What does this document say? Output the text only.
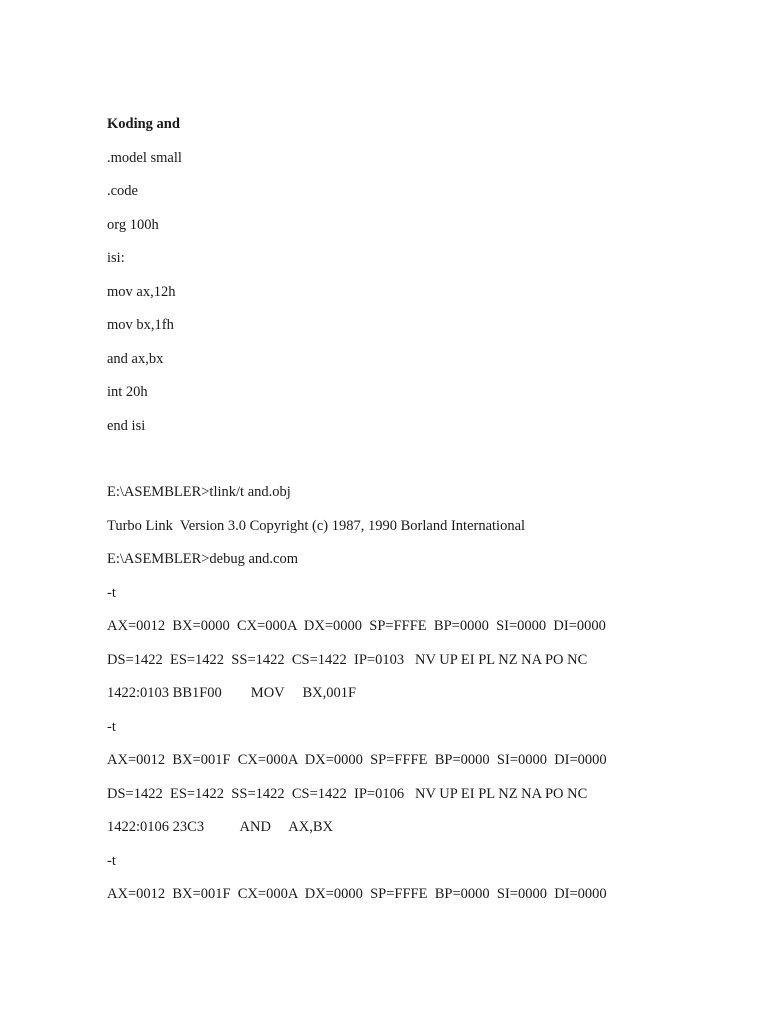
Koding and
.model small
.code
org 100h
isi:
mov ax,12h
mov bx,1fh
and ax,bx
int 20h
end isi
E:\ASEMBLER>tlink/t and.obj
Turbo Link  Version 3.0 Copyright (c) 1987, 1990 Borland International
E:\ASEMBLER>debug and.com
-t
AX=0012  BX=0000  CX=000A  DX=0000  SP=FFFE  BP=0000  SI=0000  DI=0000
DS=1422  ES=1422  SS=1422  CS=1422  IP=0103   NV UP EI PL NZ NA PO NC
1422:0103 BB1F00        MOV     BX,001F
-t
AX=0012  BX=001F  CX=000A  DX=0000  SP=FFFE  BP=0000  SI=0000  DI=0000
DS=1422  ES=1422  SS=1422  CS=1422  IP=0106   NV UP EI PL NZ NA PO NC
1422:0106 23C3          AND     AX,BX
-t
AX=0012  BX=001F  CX=000A  DX=0000  SP=FFFE  BP=0000  SI=0000  DI=0000
